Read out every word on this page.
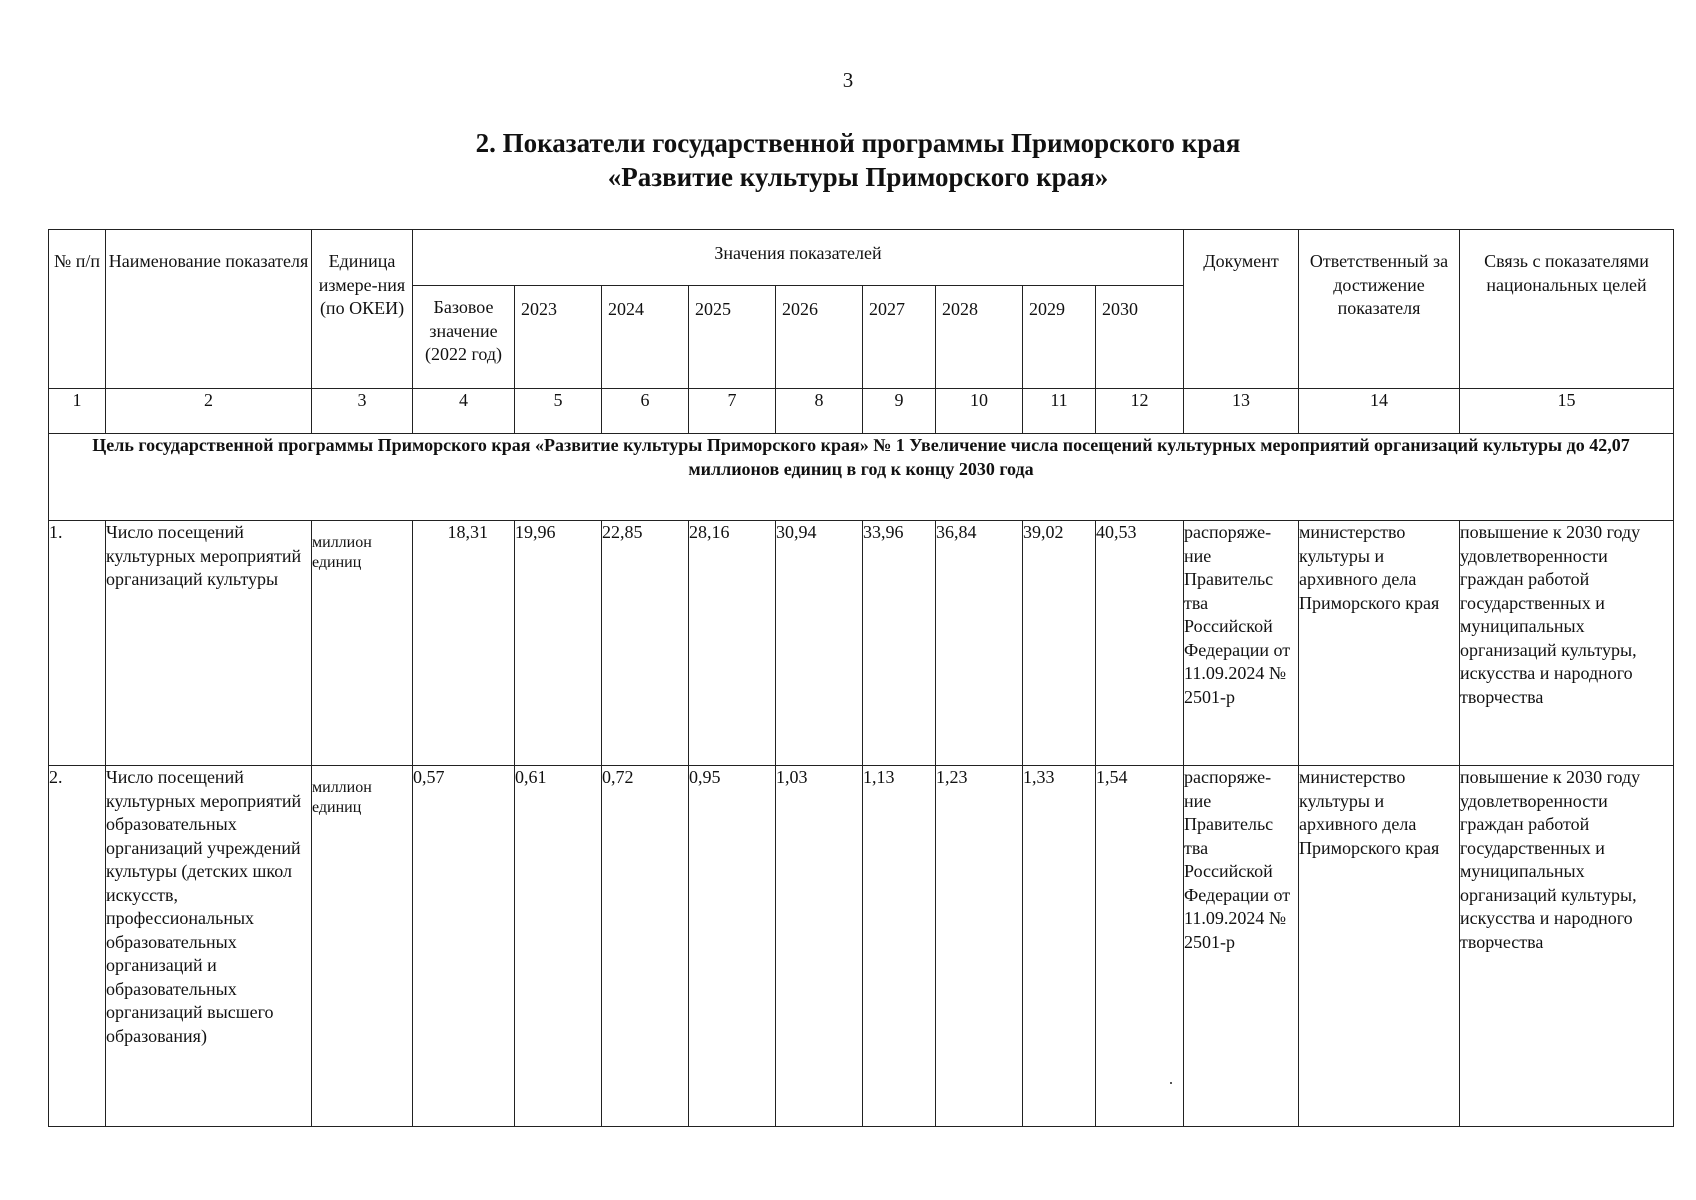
3
2. Показатели государственной программы Приморского края
«Развитие культуры Приморского края»
№ п/п	Наименование показателя	Единица измере-ния (по ОКЕИ)	Значения показателей									Документ	Ответственный за достижение показателя	Связь с показателями национальных целей
			Базовое значение (2022 год)	2023	2024	2025	2026	2027	2028	2029	2030			
1	2	3	4	5	6	7	8	9	10	11	12	13	14	15
Цель государственной программы Приморского края «Развитие культуры Приморского края» № 1 Увеличение числа посещений культурных мероприятий организаций культуры до 42,07 миллионов единиц в год к концу 2030 года														
1.	Число посещений культурных мероприятий организаций культуры	миллион единиц	18,31	19,96	22,85	28,16	30,94	33,96	36,84	39,02	40,53	распоряже-ние Правительс тва Российской Федерации от 11.09.2024 № 2501-р	министерство культуры и архивного дела Приморского края	повышение к 2030 году удовлетворенности граждан работой государственных и муниципальных организаций культуры, искусства и народного творчества
2.	Число посещений культурных мероприятий образовательных организаций учреждений культуры (детских школ искусств, профессиональных образовательных организаций и образовательных организаций высшего образования)	миллион единиц	0,57	0,61	0,72	0,95	1,03	1,13	1,23	1,33	1,54	распоряже-ние Правительс тва Российской Федерации от 11.09.2024 № 2501-р	министерство культуры и архивного дела Приморского края	повышение к 2030 году удовлетворенности граждан работой государственных и муниципальных организаций культуры, искусства и народного творчества
